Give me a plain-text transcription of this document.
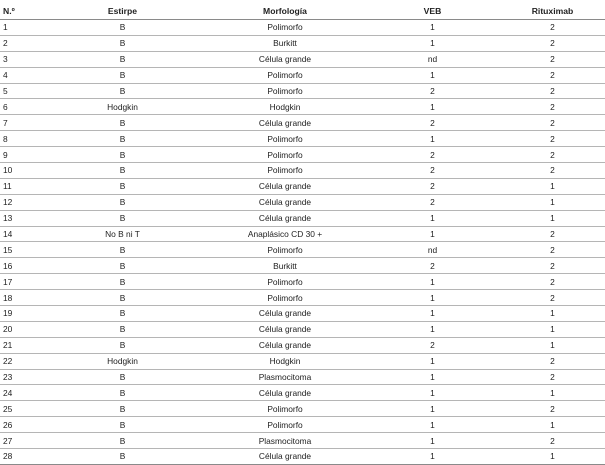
N.º	Estirpe	Morfología	VEB	Rituximab
1	B	Polimorfo	1	2
2	B	Burkitt	1	2
3	B	Célula grande	nd	2
4	B	Polimorfo	1	2
5	B	Polimorfo	2	2
6	Hodgkin	Hodgkin	1	2
7	B	Célula grande	2	2
8	B	Polimorfo	1	2
9	B	Polimorfo	2	2
10	B	Polimorfo	2	2
11	B	Célula grande	2	1
12	B	Célula grande	2	1
13	B	Célula grande	1	1
14	No B ni T	Anaplásico CD 30 +	1	2
15	B	Polimorfo	nd	2
16	B	Burkitt	2	2
17	B	Polimorfo	1	2
18	B	Polimorfo	1	2
19	B	Célula grande	1	1
20	B	Célula grande	1	1
21	B	Célula grande	2	1
22	Hodgkin	Hodgkin	1	2
23	B	Plasmocitoma	1	2
24	B	Célula grande	1	1
25	B	Polimorfo	1	2
26	B	Polimorfo	1	1
27	B	Plasmocitoma	1	2
28	B	Célula grande	1	1
